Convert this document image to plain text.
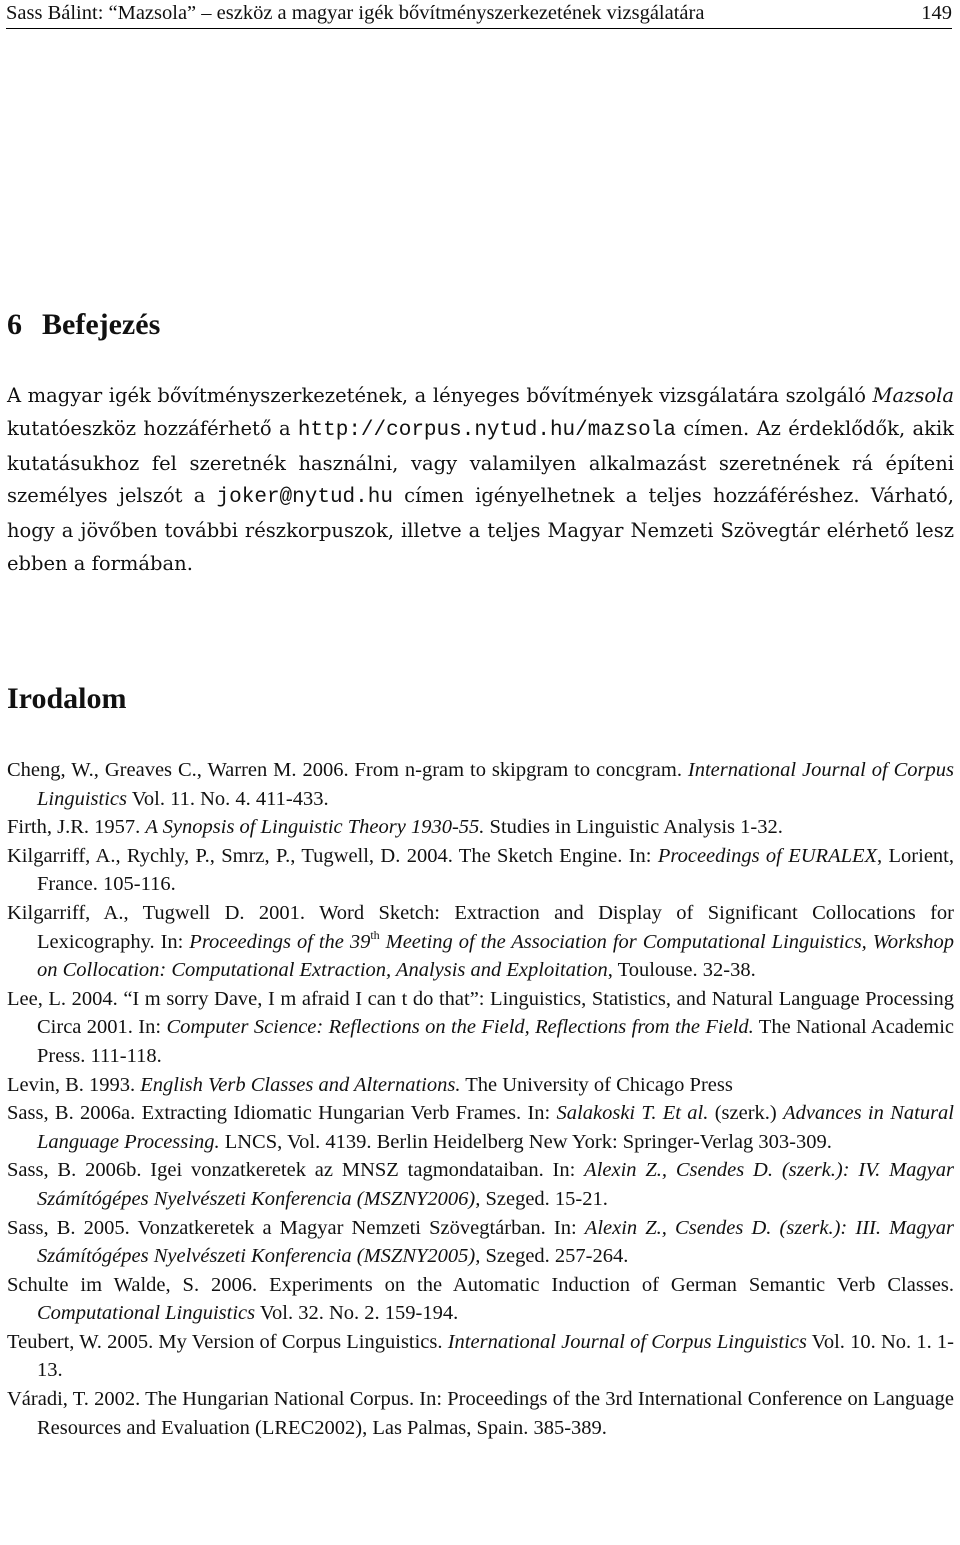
Sass Bálint: “Mazsola” – eszköz a magyar igék bővítményszerkezetének vizsgálatára	149
6 Befejezés

A magyar igék bővítményszerkezetének, a lényeges bővítmények vizsgálatára szolgáló Mazsola kutatóeszköz hozzáférhető a http://corpus.nytud.hu/mazsola címen. Az érdeklődők, akik kutatásukhoz fel szeretnék használni, vagy valamilyen alkalmazást szeretnének rá építeni személyes jelszót a joker@nytud.hu címen igényelhetnek a teljes hozzáféréshez. Várható, hogy a jövőben további részkorpuszok, illetve a teljes Magyar Nemzeti Szövegtár elérhető lesz ebben a formában.

Irodalom
Cheng, W., Greaves C., Warren M. 2006. From n-gram to skipgram to concgram. International Journal of Corpus Linguistics Vol. 11. No. 4. 411-433.
Firth, J.R. 1957. A Synopsis of Linguistic Theory 1930-55. Studies in Linguistic Analysis 1-32.
Kilgarriff, A., Rychly, P., Smrz, P., Tugwell, D. 2004. The Sketch Engine. In: Proceedings of EURALEX, Lorient, France. 105-116.
Kilgarriff, A., Tugwell D. 2001. Word Sketch: Extraction and Display of Significant Collocations for Lexicography. In: Proceedings of the 39th Meeting of the Association for Computational Linguistics, Workshop on Collocation: Computational Extraction, Analysis and Exploitation, Toulouse. 32-38.
Lee, L. 2004. “I m sorry Dave, I m afraid I can t do that”: Linguistics, Statistics, and Natural Language Processing Circa 2001. In: Computer Science: Reflections on the Field, Reflections from the Field. The National Academic Press. 111-118.
Levin, B. 1993. English Verb Classes and Alternations. The University of Chicago Press
Sass, B. 2006a. Extracting Idiomatic Hungarian Verb Frames. In: Salakoski T. Et al. (szerk.) Advances in Natural Language Processing. LNCS, Vol. 4139. Berlin Heidelberg New York: Springer-Verlag 303-309.
Sass, B. 2006b. Igei vonzatkeretek az MNSZ tagmondataiban. In: Alexin Z., Csendes D. (szerk.): IV. Magyar Számítógépes Nyelvészeti Konferencia (MSZNY2006), Szeged. 15-21.
Sass, B. 2005. Vonzatkeretek a Magyar Nemzeti Szövegtárban. In: Alexin Z., Csendes D. (szerk.): III. Magyar Számítógépes Nyelvészeti Konferencia (MSZNY2005), Szeged. 257-264.
Schulte im Walde, S. 2006. Experiments on the Automatic Induction of German Semantic Verb Classes. Computational Linguistics Vol. 32. No. 2. 159-194.
Teubert, W. 2005. My Version of Corpus Linguistics. International Journal of Corpus Linguistics Vol. 10. No. 1. 1-13.
Váradi, T. 2002. The Hungarian National Corpus. In: Proceedings of the 3rd International Conference on Language Resources and Evaluation (LREC2002), Las Palmas, Spain. 385-389.
